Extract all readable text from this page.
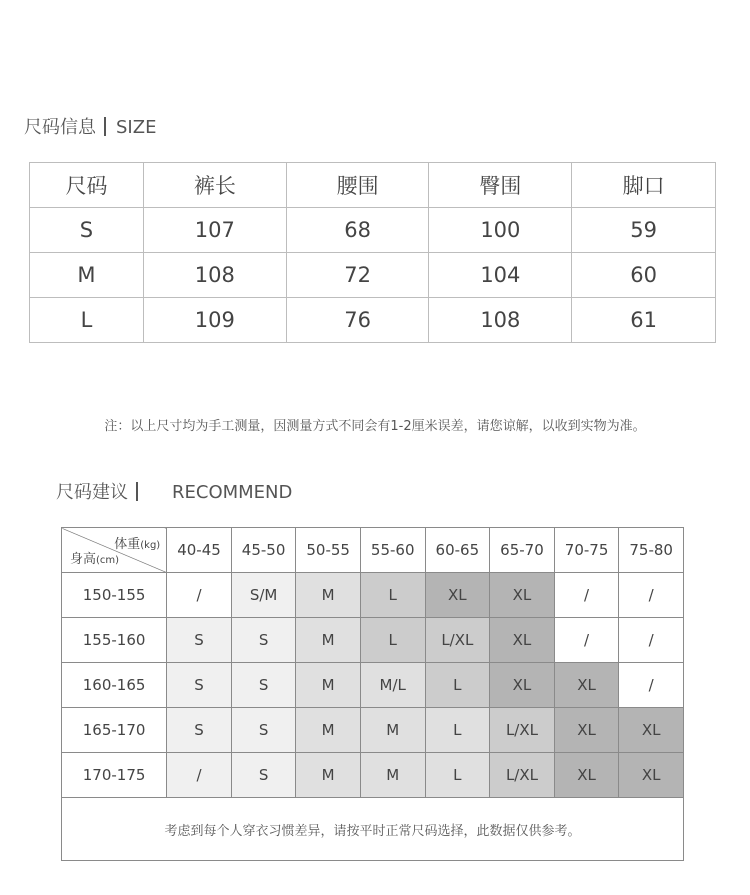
尺码信息 SIZE
尺码	裤长	腰围	臀围	脚口
S	107	68	100	59
M	108	72	104	60
L	109	76	108	61
注：以上尺寸均为手工测量，因测量方式不同会有1-2厘米误差，请您谅解，以收到实物为准。
尺码建议 RECOMMEND
体重(kg)
身高(cm)	40-45	45-50	50-55	55-60	60-65	65-70	70-75	75-80
150-155	/	S/M	M	L	XL	XL	/	/
155-160	S	S	M	L	L/XL	XL	/	/
160-165	S	S	M	M/L	L	XL	XL	/
165-170	S	S	M	M	L	L/XL	XL	XL
170-175	/	S	M	M	L	L/XL	XL	XL
考虑到每个人穿衣习惯差异，请按平时正常尺码选择，此数据仅供参考。								
